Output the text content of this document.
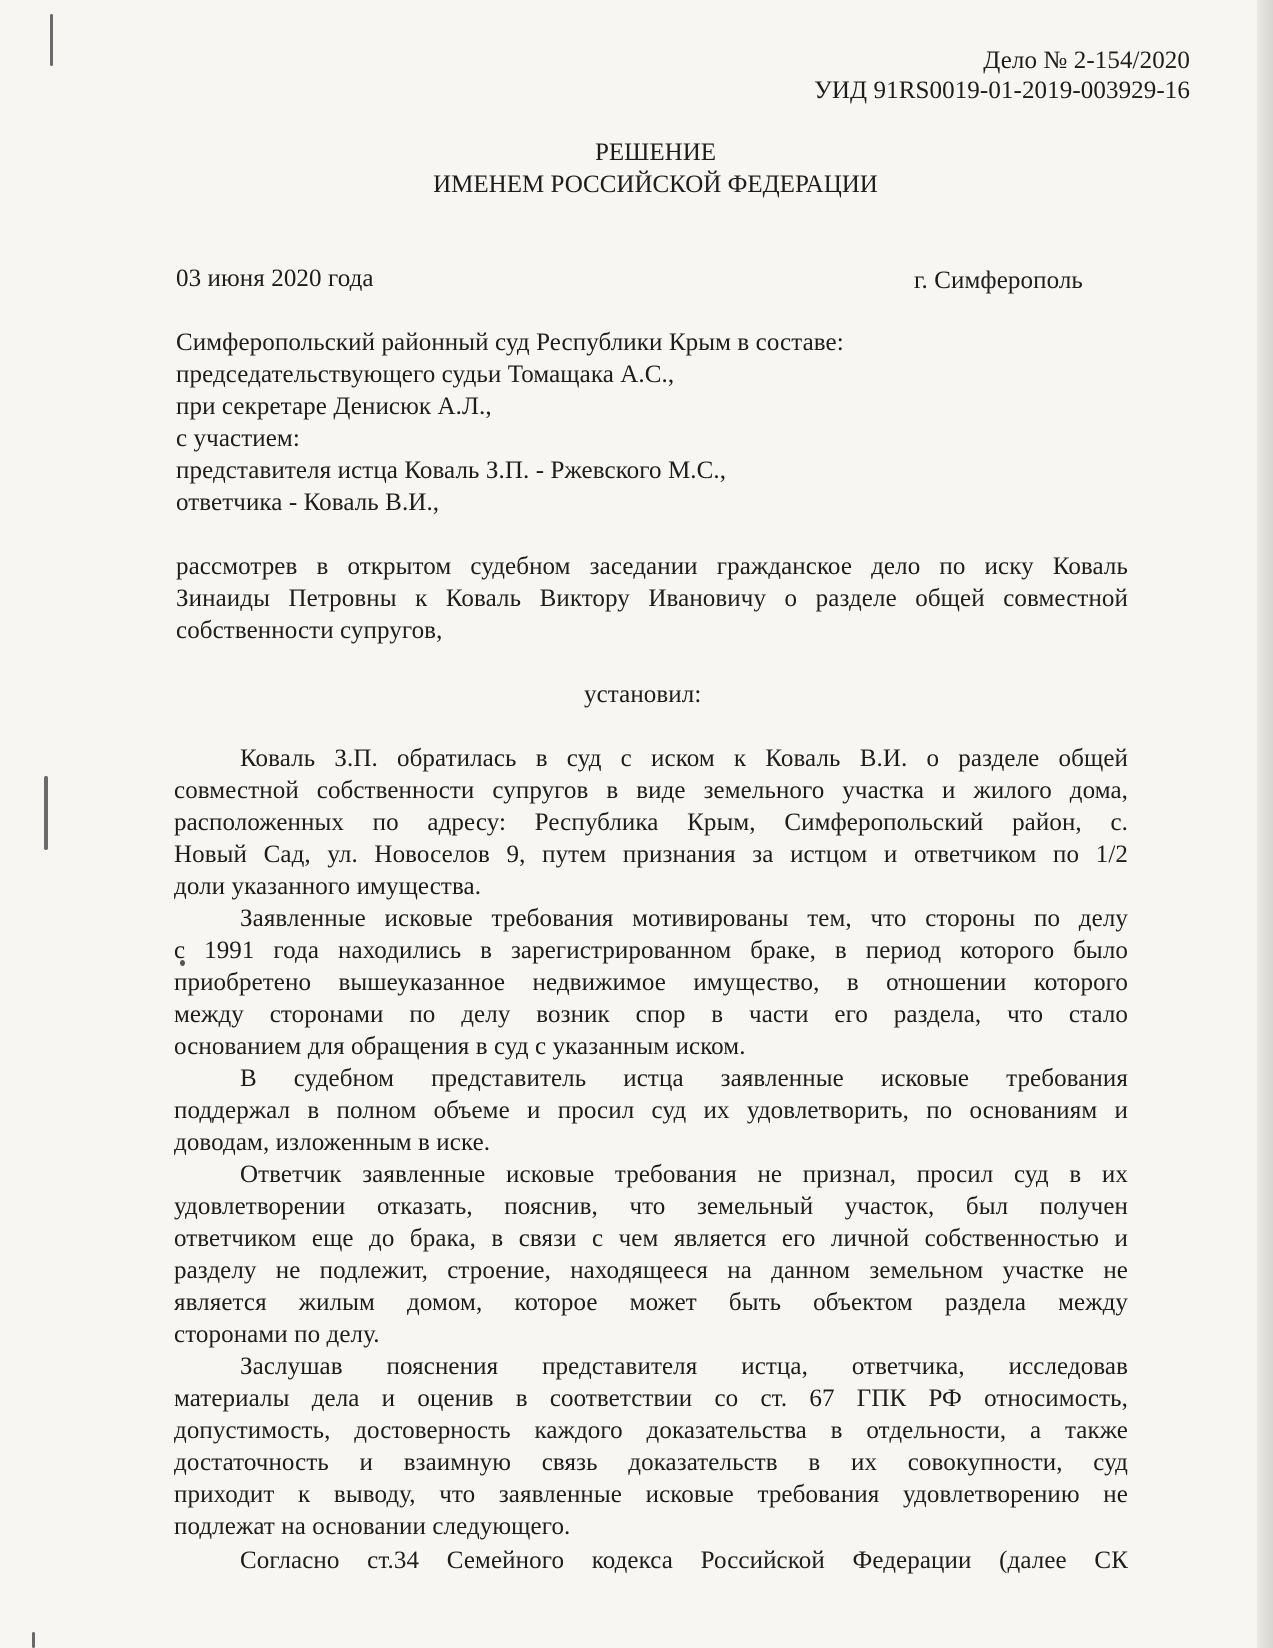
Дело № 2-154/2020
УИД 91RS0019-01-2019-003929-16
РЕШЕНИЕ
ИМЕНЕМ РОССИЙСКОЙ ФЕДЕРАЦИИ
03 июня 2020 года	г. Симферополь
Симферопольский районный суд Республики Крым в составе:
председательствующего судьи Томащака А.С.,
при секретаре Денисюк А.Л.,
с участием:
представителя истца Коваль З.П. - Ржевского М.С.,
ответчика - Коваль В.И.,
рассмотрев в открытом судебном заседании гражданское дело по иску Коваль
Зинаиды Петровны к Коваль Виктору Ивановичу о разделе общей совместной
собственности супругов,
установил:
Коваль З.П. обратилась в суд с иском к Коваль В.И. о разделе общей
совместной собственности супругов в виде земельного участка и жилого дома,
расположенных по адресу: Республика Крым, Симферопольский район, с.
Новый Сад, ул. Новоселов 9, путем признания за истцом и ответчиком по 1/2
доли указанного имущества.
Заявленные исковые требования мотивированы тем, что стороны по делу
с 1991 года находились в зарегистрированном браке, в период которого было
приобретено вышеуказанное недвижимое имущество, в отношении которого
между сторонами по делу возник спор в части его раздела, что стало
основанием для обращения в суд с указанным иском.
В судебном представитель истца заявленные исковые требования
поддержал в полном объеме и просил суд их удовлетворить, по основаниям и
доводам, изложенным в иске.
Ответчик заявленные исковые требования не признал, просил суд в их
удовлетворении отказать, пояснив, что земельный участок, был получен
ответчиком еще до брака, в связи с чем является его личной собственностью и
разделу не подлежит, строение, находящееся на данном земельном участке не
является жилым домом, которое может быть объектом раздела между
сторонами по делу.
Заслушав пояснения представителя истца, ответчика, исследовав
материалы дела и оценив в соответствии со ст. 67 ГПК РФ относимость,
допустимость, достоверность каждого доказательства в отдельности, а также
достаточность и взаимную связь доказательств в их совокупности, суд
приходит к выводу, что заявленные исковые требования удовлетворению не
подлежат на основании следующего.
Согласно ст.34 Семейного кодекса Российской Федерации (далее СК
